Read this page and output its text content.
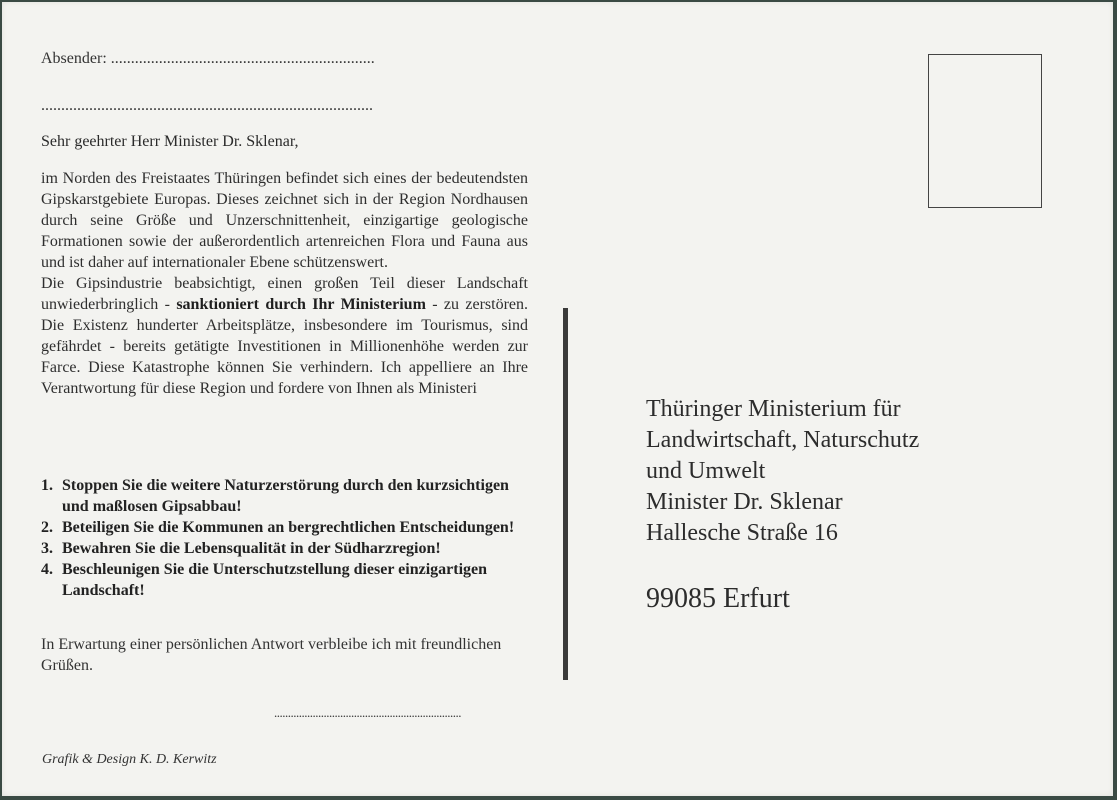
Absender: ..................................................................
...................................................................................
Sehr geehrter Herr Minister Dr. Sklenar,

im Norden des Freistaates Thüringen befindet sich eines der bedeutendsten Gipskarstgebiete Europas. Dieses zeichnet sich in der Region Nordhausen durch seine Größe und Unzerschnittenheit, einzigartige geologische Formationen sowie der außerordentlich artenreichen Flora und Fauna aus und ist daher auf internationaler Ebene schützenswert.

Die Gipsindustrie beabsichtigt, einen großen Teil dieser Landschaft unwiederbringlich - sanktioniert durch Ihr Ministerium - zu zerstören. Die Existenz hunderter Arbeitsplätze, insbesondere im Tourismus, sind gefährdet - bereits getätigte Investitionen in Millionenhöhe werden zur Farce. Diese Katastrophe können Sie verhindern. Ich appelliere an Ihre Verantwortung für diese Region und fordere von Ihnen als Ministeri

1. Stoppen Sie die weitere Naturzerstörung durch den kurzsichtigen und maßlosen Gipsabbau!
2. Beteiligen Sie die Kommunen an bergrechtlichen Entscheidungen!
3. Bewahren Sie die Lebensqualität in der Südharzregion!
4. Beschleunigen Sie die Unterschutzstellung dieser einzigartigen Landschaft!
In Erwartung einer persönlichen Antwort verbleibe ich mit freundlichen Grüßen.
....................................................................
Grafik & Design K. D. Kerwitz
Thüringer Ministerium für
Landwirtschaft, Naturschutz
und Umwelt
Minister Dr. Sklenar
Hallesche Straße 16
99085 Erfurt
